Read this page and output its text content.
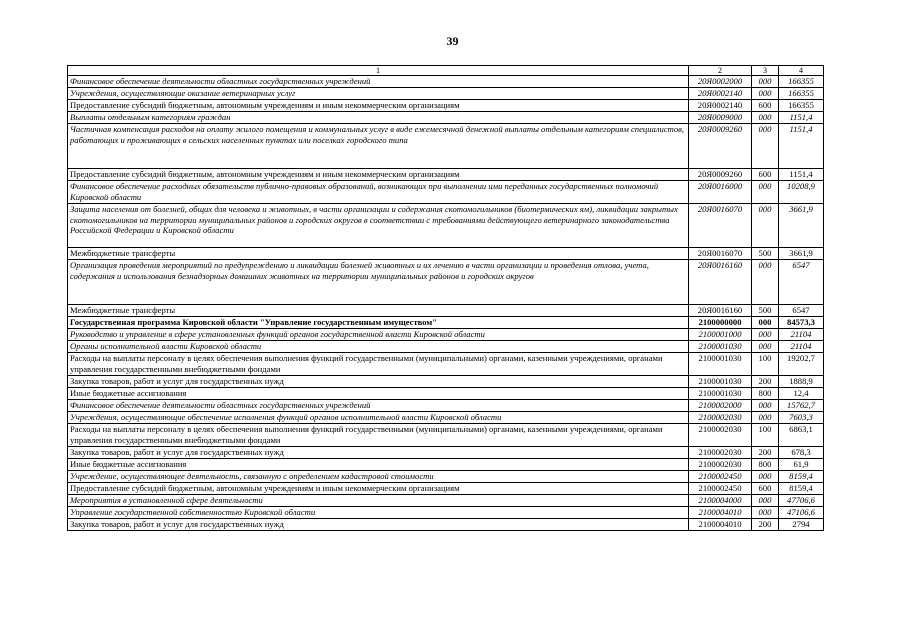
39
1	2	3	4
Финансовое обеспечение деятельности областных государственных учреждений	20Я0002000	000	166355
Учреждения, осуществляющие оказание ветеринарных услуг	20Я0002140	000	166355
Предоставление субсидий бюджетным, автономным учреждениям и иным некоммерческим организациям	20Я0002140	600	166355
Выплаты отдельным категориям граждан	20Я0009000	000	1151,4
Частичная компенсация расходов на оплату жилого помещения и коммунальных услуг в виде ежемесячной денежной выплаты отдельным категориям специалистов, работающих и проживающих в сельских населенных пунктах или поселках городского типа	20Я0009260	000	1151,4
Предоставление субсидий бюджетным, автономным учреждениям и иным некоммерческим организациям	20Я0009260	600	1151,4
Финансовое обеспечение расходных обязательств публично-правовых образований, возникающих при выполнении ими переданных государственных полномочий Кировской области	20Я0016000	000	10208,9
Защита населения от болезней, общих для человека и животных, в части организации и содержания скотомогильников (биотермических ям), ликвидации закрытых скотомогильников на территории муниципальных районов и городских округов в соответствии с требованиями действующего ветеринарного законодательства Российской Федерации и Кировской области	20Я0016070	000	3661,9
Межбюджетные трансферты	20Я0016070	500	3661,9
Организация проведения мероприятий по предупреждению и ликвидации болезней животных и их лечению в части организации и проведения отлова, учета, содержания и использования безнадзорных домашних животных на территории муниципальных районов и городских округов	20Я0016160	000	6547
Межбюджетные трансферты	20Я0016160	500	6547
Государственная программа Кировской области "Управление государственным имуществом"	2100000000	000	84573,3
Руководство и управление в сфере установленных функций органов государственной власти Кировской области	2100001000	000	21104
Органы исполнительной власти Кировской области	2100001030	000	21104
Расходы на выплаты персоналу в целях обеспечения выполнения функций государственными (муниципальными) органами, казенными учреждениями, органами управления государственными внебюджетными фондами	2100001030	100	19202,7
Закупка товаров, работ и услуг для государственных нужд	2100001030	200	1888,9
Иные бюджетные ассигнования	2100001030	800	12,4
Финансовое обеспечение деятельности областных государственных учреждений	2100002000	000	15762,7
Учреждения, осуществляющие обеспечение исполнения функций органов исполнительной власти Кировской области	2100002030	000	7603,3
Расходы на выплаты персоналу в целях обеспечения выполнения функций государственными (муниципальными) органами, казенными учреждениями, органами управления государственными внебюджетными фондами	2100002030	100	6863,1
Закупка товаров, работ и услуг для государственных нужд	2100002030	200	678,3
Иные бюджетные ассигнования	2100002030	800	61,9
Учреждение, осуществляющее деятельность, связанную с определением кадастровой стоимости	2100002450	000	8159,4
Предоставление субсидий бюджетным, автономным учреждениям и иным некоммерческим организациям	2100002450	600	8159,4
Мероприятия в установленной сфере деятельности	2100004000	000	47706,6
Управление государственной собственностью Кировской области	2100004010	000	47106,6
Закупка товаров, работ и услуг для государственных нужд	2100004010	200	2794
